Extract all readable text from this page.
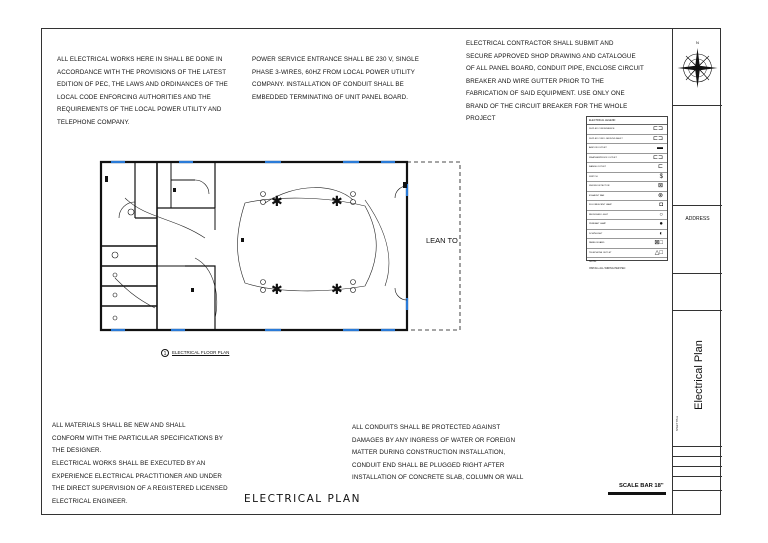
ALL ELECTRICAL WORKS HERE IN SHALL BE DONE IN
ACCORDANCE WITH THE PROVISIONS OF THE LATEST
EDITION OF PEC, THE LAWS AND ORDINANCES OF THE
LOCAL CODE ENFORCING AUTHORITIES AND THE
REQUIREMENTS OF THE LOCAL POWER UTILITY AND
TELEPHONE COMPANY.
POWER SERVICE ENTRANCE SHALL BE 230 V, SINGLE
PHASE 3-WIRES, 60HZ FROM LOCAL POWER UTILITY
COMPANY. INSTALLATION OF CONDUIT SHALL BE
EMBEDDED TERMINATING OF UNIT PANEL BOARD.
ELECTRICAL CONTRACTOR SHALL SUBMIT AND
SECURE APPROVED SHOP DRAWING AND CATALOGUE
OF ALL PANEL BOARD, CONDUIT PIPE, ENCLOSE CIRCUIT
BREAKER AND WIRE GUTTER PRIOR TO THE
FABRICATION OF SAID EQUIPMENT. USE ONLY ONE
BRAND OF THE CIRCUIT BREAKER FOR THE WHOLE
PROJECT
ALL MATERIALS SHALL BE NEW AND SHALL
CONFORM WITH THE PARTICULAR SPECIFICATIONS BY
THE DESIGNER.
ELECTRICAL WORKS SHALL BE EXECUTED BY AN
EXPERIENCE ELECTRICAL PRACTITIONER AND UNDER
THE DIRECT SUPERVISION OF A REGISTERED LICENSED
ELECTRICAL ENGINEER.
ALL CONDUITS SHALL BE PROTECTED AGAINST
DAMAGES BY ANY INGRESS OF WATER OR FOREIGN
MATTER DURING CONSTRUCTION INSTALLATION,
CONDUIT END SHALL BE PLUGGED RIGHT AFTER
INSTALLATION OF CONCRETE SLAB, COLUMN OR WALL
ELECTRICAL PLAN
SCALE BAR 18"
✱	✱
✱	✱
LEAN TO
1	ELECTRICAL FLOOR PLAN
ELECTRICAL LEGEND
DUPLEX CONVENIENCE	⊏⊐
DUPLEX CONV. GROUND FAULT	⊏⊐
AIRCON OUTLET	▬
WEATHERPROOF OUTLET	⊏⊐
RANGE OUTLET	⊏
SWITCH	$
SMOKE DETECTOR	⊠
EXHAUST FAN	⊗
FLUORESCENT LAMP	◘
RECESSED LIGHT	○
PENDANT LAMP	●
DOWNLIGHT	◐
PANEL BOARD	⊠□
TELEPHONE OUTLET	△□
NOTE:
INSTALL ALL WIRING PER PEC
N
ADDRESS
Electrical Plan
SHEET TITLE
